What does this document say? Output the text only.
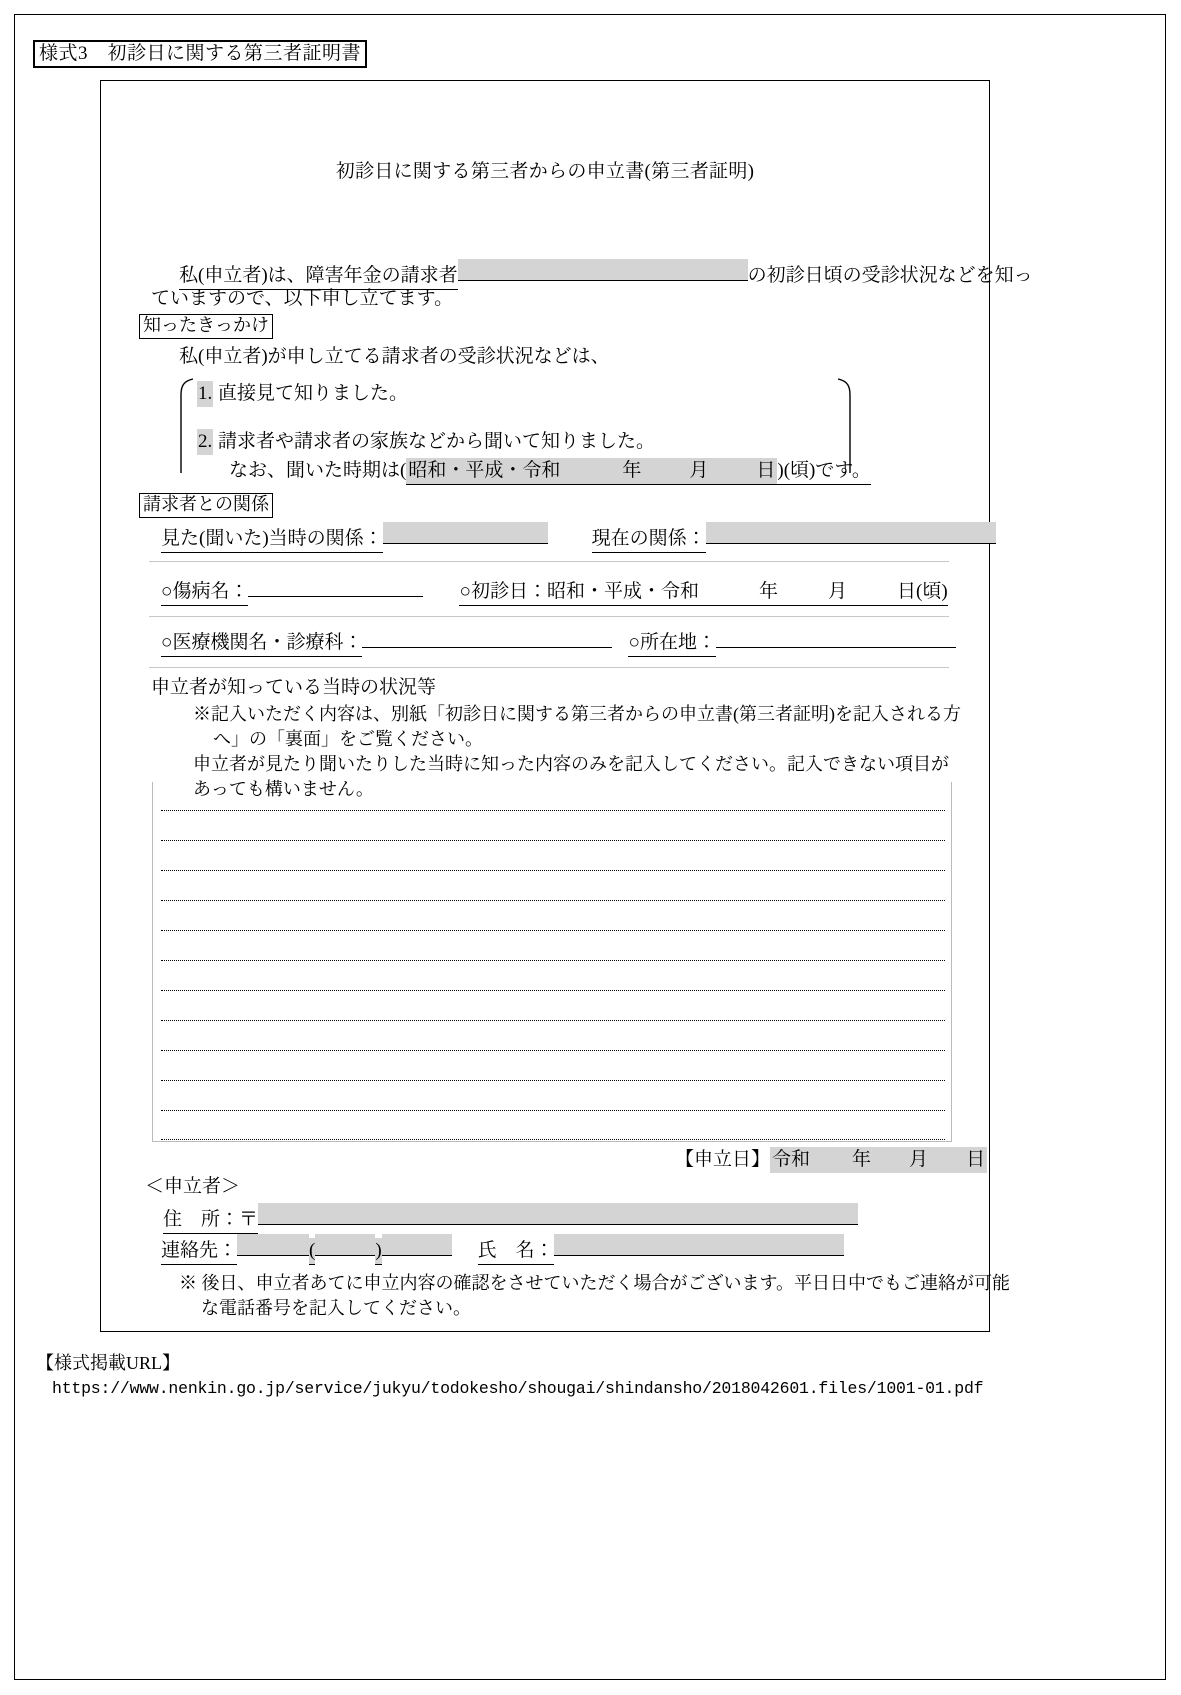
様式3　初診日に関する第三者証明書
初診日に関する第三者からの申立書(第三者証明)
私(申立者)は、障害年金の請求者	の初診日頃の受診状況などを知っ
ていますので、以下申し立てます。
知ったきっかけ
私(申立者)が申し立てる請求者の受診状況などは、
1. 直接見て知りました。
2. 請求者や請求者の家族などから聞いて知りました。
なお、聞いた時期は( 昭和・平成・令和	年	月	日 )(頃)です。
請求者との関係
見た(聞いた)当時の関係：	現在の関係：
○傷病名：	○初診日：昭和・平成・令和	年	月	日(頃)
○医療機関名・診療科：	○所在地：
申立者が知っている当時の状況等
※記入いただく内容は、別紙「初診日に関する第三者からの申立書(第三者証明)を記入される方
へ」の「裏面」をご覧ください。
申立者が見たり聞いたりした当時に知った内容のみを記入してください。記入できない項目が
あっても構いません。
【申立日】 令和 年 月 日
＜申立者＞
住　所：〒
連絡先：	(	)	氏　名：
※ 後日、申立者あてに申立内容の確認をさせていただく場合がございます。平日日中でもご連絡が可能
な電話番号を記入してください。
【様式掲載URL】
https://www.nenkin.go.jp/service/jukyu/todokesho/shougai/shindansho/2018042601.files/1001-01.pdf
